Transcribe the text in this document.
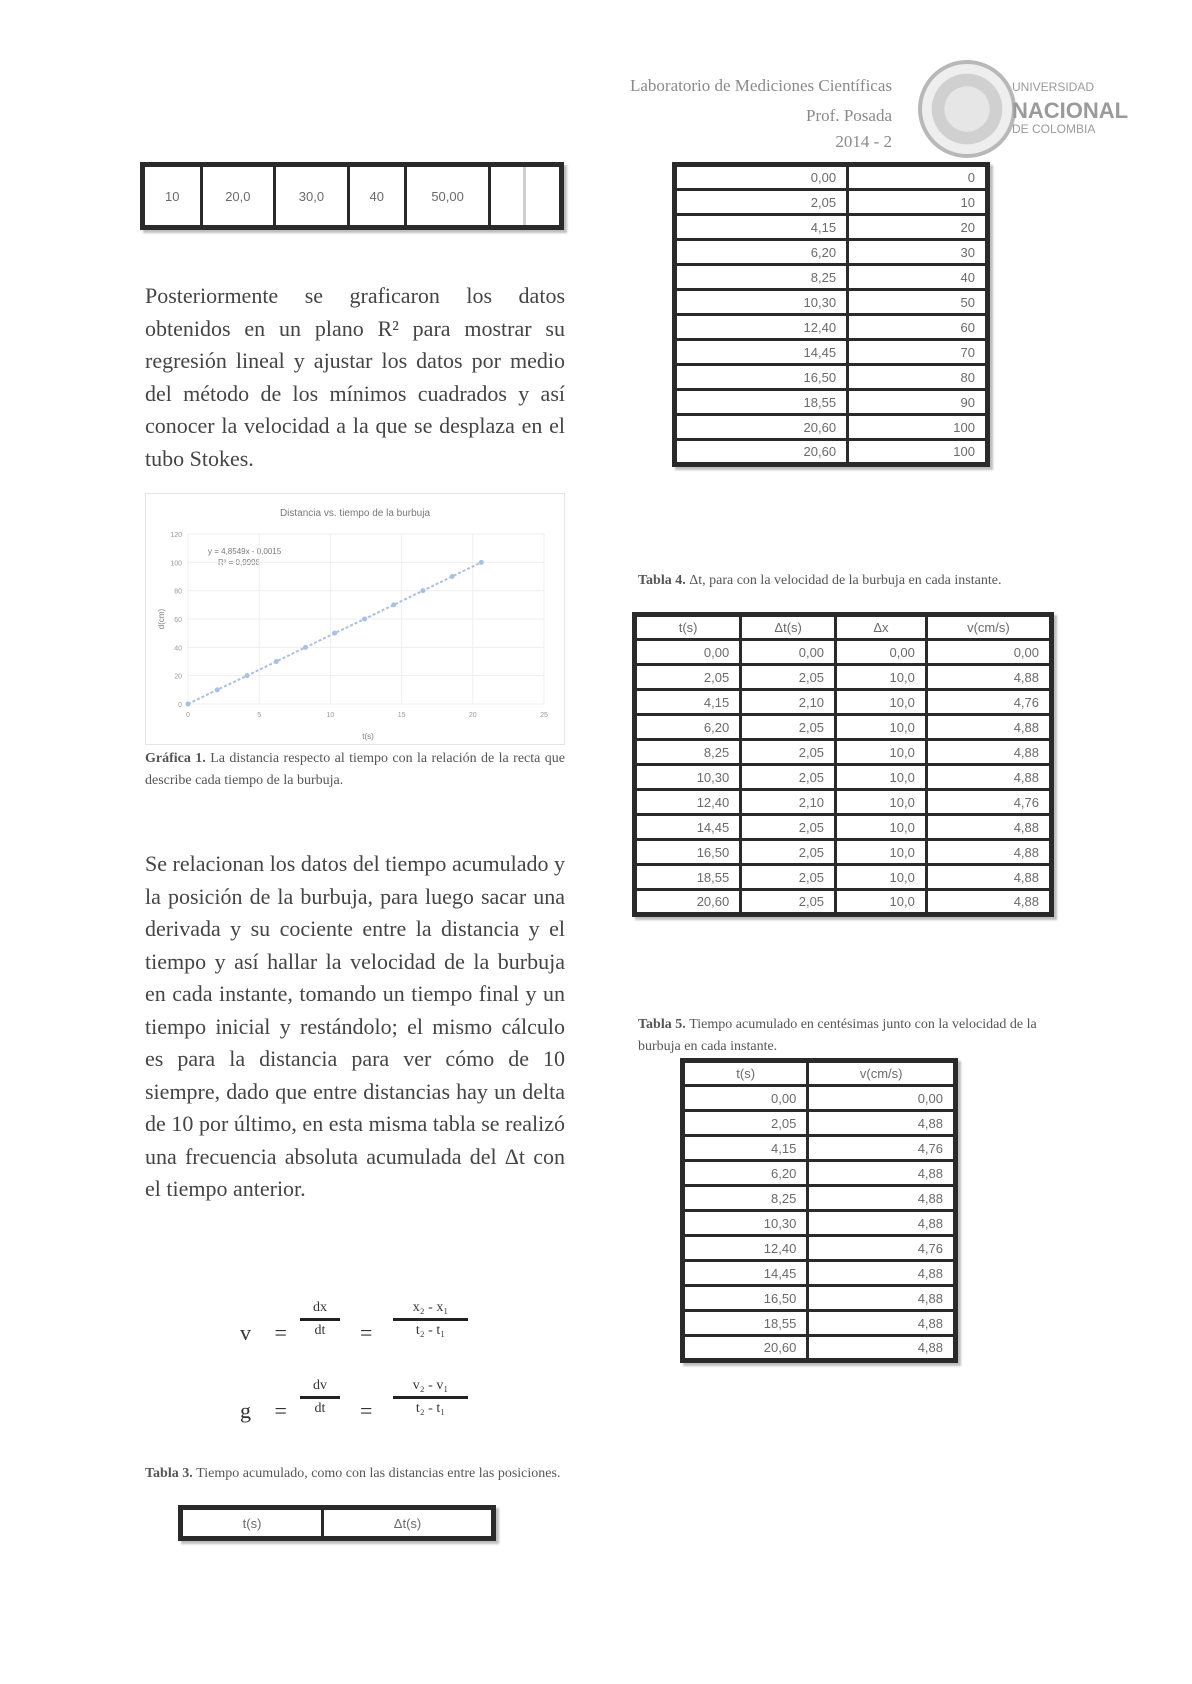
Laboratorio de Mediciones Científicas
Prof. Posada
2014 - 2
UNIVERSIDAD
NACIONAL
DE COLOMBIA
10	20,0	30,0	40	50,00		
Posteriormente se graficaron los datos obtenidos en un plano R² para mostrar su regresión lineal y ajustar los datos por medio del método de los mínimos cuadrados y así conocer la velocidad a la que se desplaza en el tubo Stokes.
Distancia vs. tiempo de la burbuja
y = 4,8549x - 0,0015
R² = 0,9998
t(s)
d(cm)
0
20
40
60
80
100
120
0	5	10	15	20	25
Gráfica 1. La distancia respecto al tiempo con la relación de la recta que describe cada tiempo de la burbuja.
Se relacionan los datos del tiempo acumulado y la posición de la burbuja, para luego sacar una derivada y su cociente entre la distancia y el tiempo y así hallar la velocidad de la burbuja en cada instante, tomando un tiempo final y un tiempo inicial y restándolo; el mismo cálculo es para la distancia para ver cómo de 10 siempre, dado que entre distancias hay un delta de 10 por último, en esta misma tabla se realizó una frecuencia absoluta acumulada del Δt con el tiempo anterior.
v =
dx
dt	=
x₂ - x₁
t₂ - t₁
g =
dv
dt	=
v₂ - v₁
t₂ - t₁
Tabla 3. Tiempo acumulado, como con las distancias entre las posiciones.
t(s)	Δt(s)
0,00	0
2,05	10
4,15	20
6,20	30
8,25	40
10,30	50
12,40	60
14,45	70
16,50	80
18,55	90
20,60	100
20,60	100
Tabla 4. Δt, para con la velocidad de la burbuja en cada instante.
t(s)	Δt(s)	Δx	v(cm/s)
0,00	0,00	0,00	0,00
2,05	2,05	10,0	4,88
4,15	2,10	10,0	4,76
6,20	2,05	10,0	4,88
8,25	2,05	10,0	4,88
10,30	2,05	10,0	4,88
12,40	2,10	10,0	4,76
14,45	2,05	10,0	4,88
16,50	2,05	10,0	4,88
18,55	2,05	10,0	4,88
20,60	2,05	10,0	4,88
Tabla 5. Tiempo acumulado en centésimas junto con la velocidad de la burbuja en cada instante.
t(s)	v(cm/s)
0,00	0,00
2,05	4,88
4,15	4,76
6,20	4,88
8,25	4,88
10,30	4,88
12,40	4,76
14,45	4,88
16,50	4,88
18,55	4,88
20,60	4,88
